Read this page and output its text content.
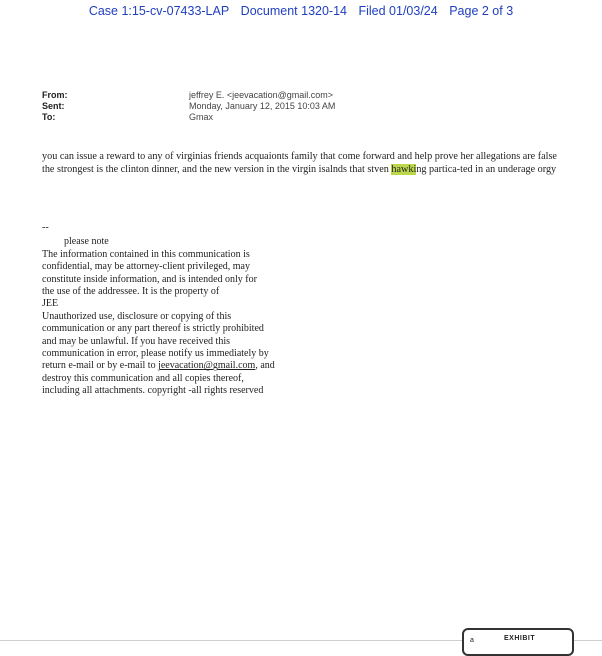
Case 1:15-cv-07433-LAP Document 1320-14 Filed 01/03/24 Page 2 of 3
From:	jeffrey E. <jeevacation@gmail.com>
Sent:	Monday, January 12, 2015 10:03 AM
To:	Gmax
you can issue a reward to any of virginias friends acquaionts family that come forward and help prove her allegations are false the strongest is the clinton dinner, and the new version in the virgin isalnds that stven hawking partica-ted in an underage orgy
--
please note
The information contained in this communication is
confidential, may be attorney-client privileged, may
constitute inside information, and is intended only for
the use of the addressee. It is the property of
JEE
Unauthorized use, disclosure or copying of this
communication or any part thereof is strictly prohibited
and may be unlawful. If you have received this
communication in error, please notify us immediately by
return e-mail or by e-mail to jeevacation@gmail.com, and
destroy this communication and all copies thereof,
including all attachments. copyright -all rights reserved
a	EXHIBIT
